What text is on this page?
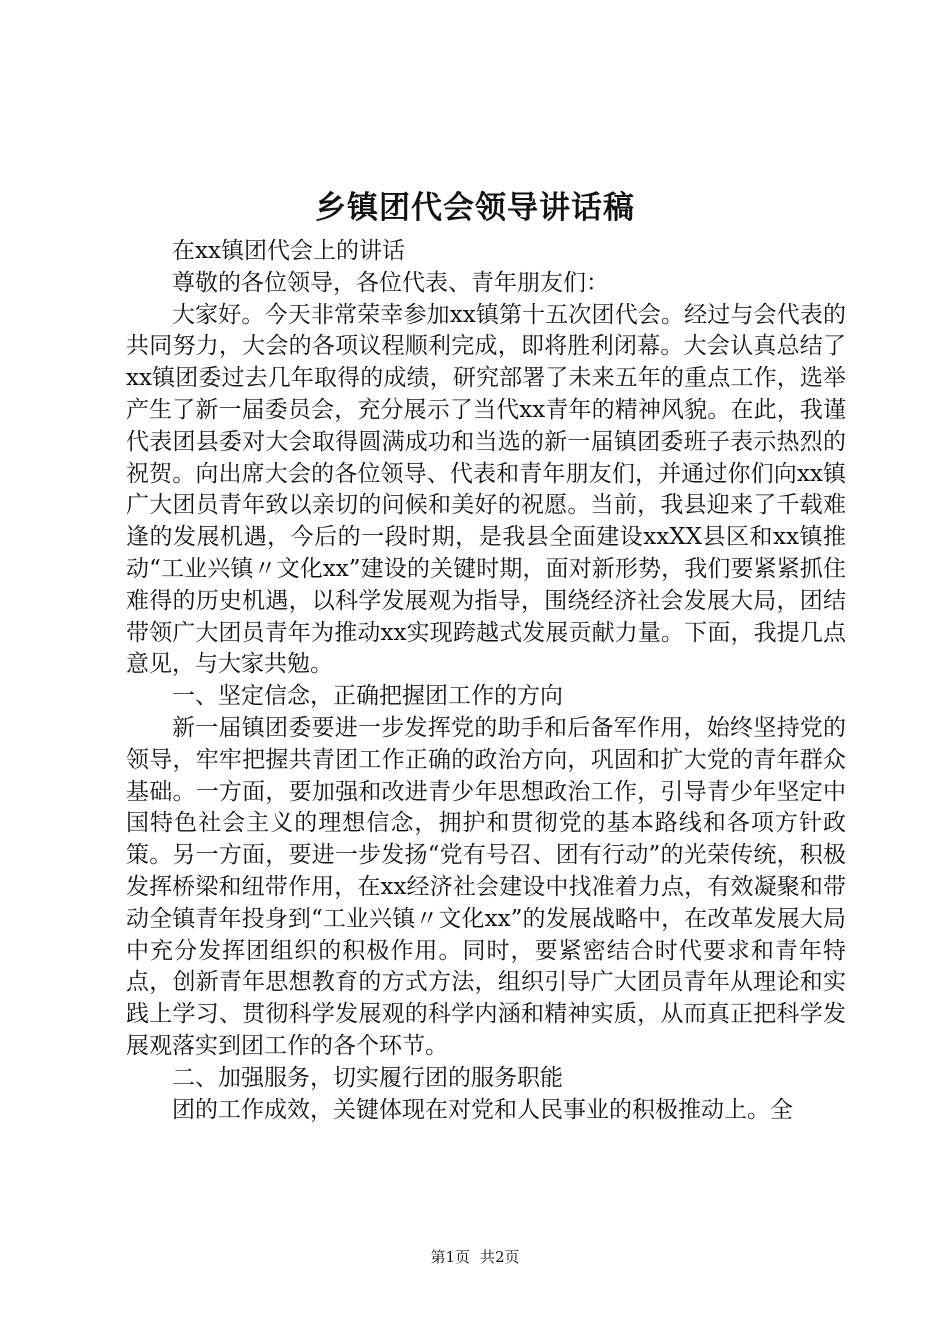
乡镇团代会领导讲话稿

在xx镇团代会上的讲话

尊敬的各位领导，各位代表、青年朋友们：

大家好。今天非常荣幸参加xx镇第十五次团代会。经过与会代表的共同努力，大会的各项议程顺利完成，即将胜利闭幕。大会认真总结了xx镇团委过去几年取得的成绩，研究部署了未来五年的重点工作，选举产生了新一届委员会，充分展示了当代xx青年的精神风貌。在此，我谨代表团县委对大会取得圆满成功和当选的新一届镇团委班子表示热烈的祝贺。向出席大会的各位领导、代表和青年朋友们，并通过你们向xx镇广大团员青年致以亲切的问候和美好的祝愿。当前，我县迎来了千载难逢的发展机遇，今后的一段时期，是我县全面建设xxXX县区和xx镇推动“工业兴镇〃文化xx”建设的关键时期，面对新形势，我们要紧紧抓住难得的历史机遇，以科学发展观为指导，围绕经济社会发展大局，团结带领广大团员青年为推动xx实现跨越式发展贡献力量。下面，我提几点意见，与大家共勉。

一、坚定信念，正确把握团工作的方向

新一届镇团委要进一步发挥党的助手和后备军作用，始终坚持党的领导，牢牢把握共青团工作正确的政治方向，巩固和扩大党的青年群众基础。一方面，要加强和改进青少年思想政治工作，引导青少年坚定中国特色社会主义的理想信念，拥护和贯彻党的基本路线和各项方针政策。另一方面，要进一步发扬“党有号召、团有行动”的光荣传统，积极发挥桥梁和纽带作用，在xx经济社会建设中找准着力点，有效凝聚和带动全镇青年投身到“工业兴镇〃文化xx”的发展战略中，在改革发展大局中充分发挥团组织的积极作用。同时，要紧密结合时代要求和青年特点，创新青年思想教育的方式方法，组织引导广大团员青年从理论和实践上学习、贯彻科学发展观的科学内涵和精神实质，从而真正把科学发展观落实到团工作的各个环节。

二、加强服务，切实履行团的服务职能

团的工作成效，关键体现在对党和人民事业的积极推动上。全

第1页 共2页
